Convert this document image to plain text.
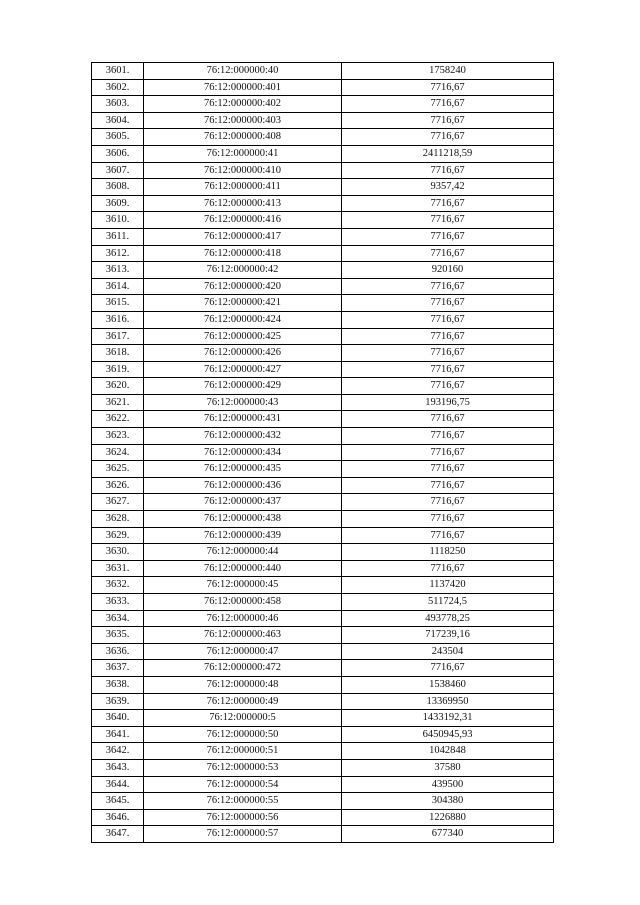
3601.	76:12:000000:40	1758240
3602.	76:12:000000:401	7716,67
3603.	76:12:000000:402	7716,67
3604.	76:12:000000:403	7716,67
3605.	76:12:000000:408	7716,67
3606.	76:12:000000:41	2411218,59
3607.	76:12:000000:410	7716,67
3608.	76:12:000000:411	9357,42
3609.	76:12:000000:413	7716,67
3610.	76:12:000000:416	7716,67
3611.	76:12:000000:417	7716,67
3612.	76:12:000000:418	7716,67
3613.	76:12:000000:42	920160
3614.	76:12:000000:420	7716,67
3615.	76:12:000000:421	7716,67
3616.	76:12:000000:424	7716,67
3617.	76:12:000000:425	7716,67
3618.	76:12:000000:426	7716,67
3619.	76:12:000000:427	7716,67
3620.	76:12:000000:429	7716,67
3621.	76:12:000000:43	193196,75
3622.	76:12:000000:431	7716,67
3623.	76:12:000000:432	7716,67
3624.	76:12:000000:434	7716,67
3625.	76:12:000000:435	7716,67
3626.	76:12:000000:436	7716,67
3627.	76:12:000000:437	7716,67
3628.	76:12:000000:438	7716,67
3629.	76:12:000000:439	7716,67
3630.	76:12:000000:44	1118250
3631.	76:12:000000:440	7716,67
3632.	76:12:000000:45	1137420
3633.	76:12:000000:458	511724,5
3634.	76:12:000000:46	493778,25
3635.	76:12:000000:463	717239,16
3636.	76:12:000000:47	243504
3637.	76:12:000000:472	7716,67
3638.	76:12:000000:48	1538460
3639.	76:12:000000:49	13369950
3640.	76:12:000000:5	1433192,31
3641.	76:12:000000:50	6450945,93
3642.	76:12:000000:51	1042848
3643.	76:12:000000:53	37580
3644.	76:12:000000:54	439500
3645.	76:12:000000:55	304380
3646.	76:12:000000:56	1226880
3647.	76:12:000000:57	677340
